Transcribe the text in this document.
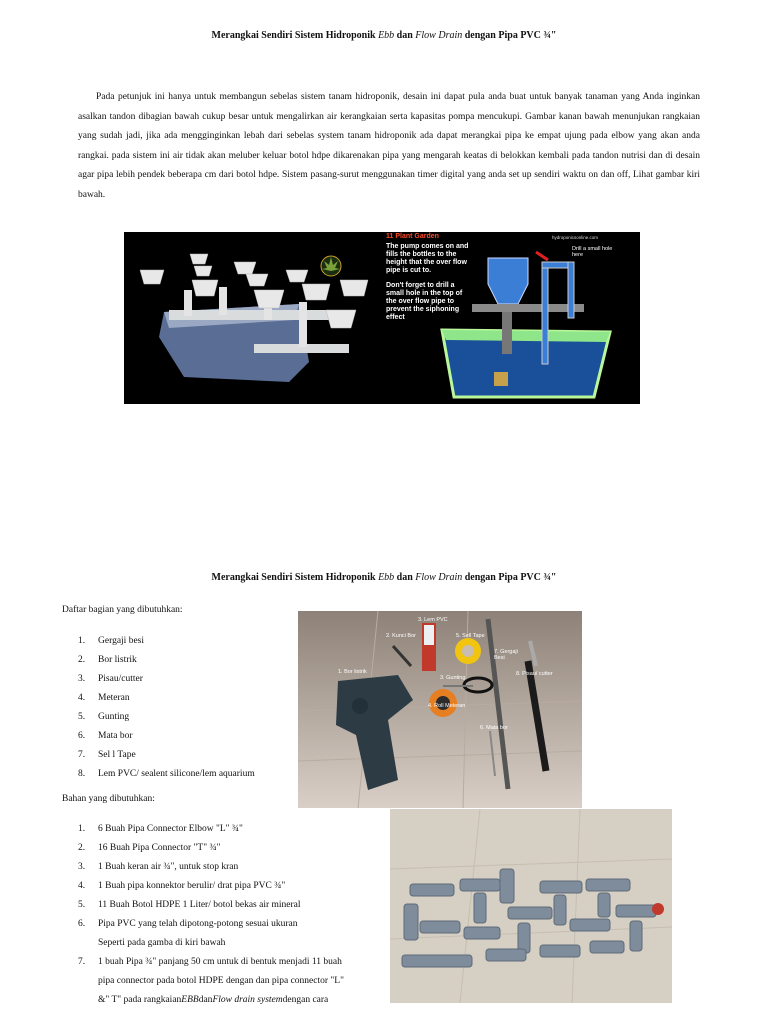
Merangkai Sendiri Sistem Hidroponik Ebb dan Flow Drain dengan Pipa PVC ¾"
Pada petunjuk ini hanya untuk membangun sebelas sistem tanam hidroponik, desain ini dapat pula anda buat untuk banyak tanaman yang Anda inginkan asalkan tandon dibagian bawah cukup besar untuk mengalirkan air kerangkaian serta kapasitas pompa mencukupi. Gambar kanan bawah menunjukan rangkaian yang sudah jadi, jika ada mengginginkan lebah dari sebelas system tanam hidroponik ada dapat merangkai pipa ke empat ujung pada elbow yang akan anda rangkai. pada sistem ini air tidak akan meluber keluar botol hdpe dikarenakan pipa yang mengarah keatas di belokkan kembali pada tandon nutrisi dan di desain agar pipa lebih pendek beberapa cm dari botol hdpe. Sistem pasang-surut menggunakan timer digital yang anda set up sendiri waktu on dan off, Lihat gambar kiri bawah.
11 Plant Garden	hydroponicsonline.com
The pump comes on and fills the bottles to the height that the over flow pipe is cut to.
Don't forget to drill a small hole in the top of the over flow pipe to prevent the siphoning effect
Drill a small hole here
Merangkai Sendiri Sistem Hidroponik Ebb dan Flow Drain dengan Pipa PVC ¾"
Daftar bagian yang dibutuhkan:
1.	Gergaji besi
2.	Bor listrik
3.	Pisau/cutter
4.	Meteran
5.	Gunting
6.	Mata bor
7.	Sel l Tape
8.	Lem PVC/ sealent silicone/lem aquarium
Bahan yang dibutuhkan:
1.	6 Buah Pipa Connector Elbow "L" ¾"
2.	16 Buah Pipa Connector "T" ¾"
3.	1 Buah keran air ¾", untuk stop kran
4.	1 Buah pipa konnektor berulir/ drat pipa PVC ¾"
5.	11 Buah Botol HDPE 1 Liter/ botol bekas air mineral
6.	Pipa PVC yang telah dipotong-potong sesuai ukuran
Seperti pada gamba di kiri bawah
7.	1 buah Pipa ¾" panjang 50 cm untuk di bentuk menjadi 11 buah
pipa connector pada botol HDPE dengan dan pipa connector "L"
&" T" pada rangkaian EBB dan Flow drain system dengan cara
1. Bor listrik
2. Kunci Bor
3. Lem PVC
5. Sell Tape
7. Gergaji Besi
3. Gunting
8. Pisau/ cutter
4. Roll Meteran
6. Mata bor
